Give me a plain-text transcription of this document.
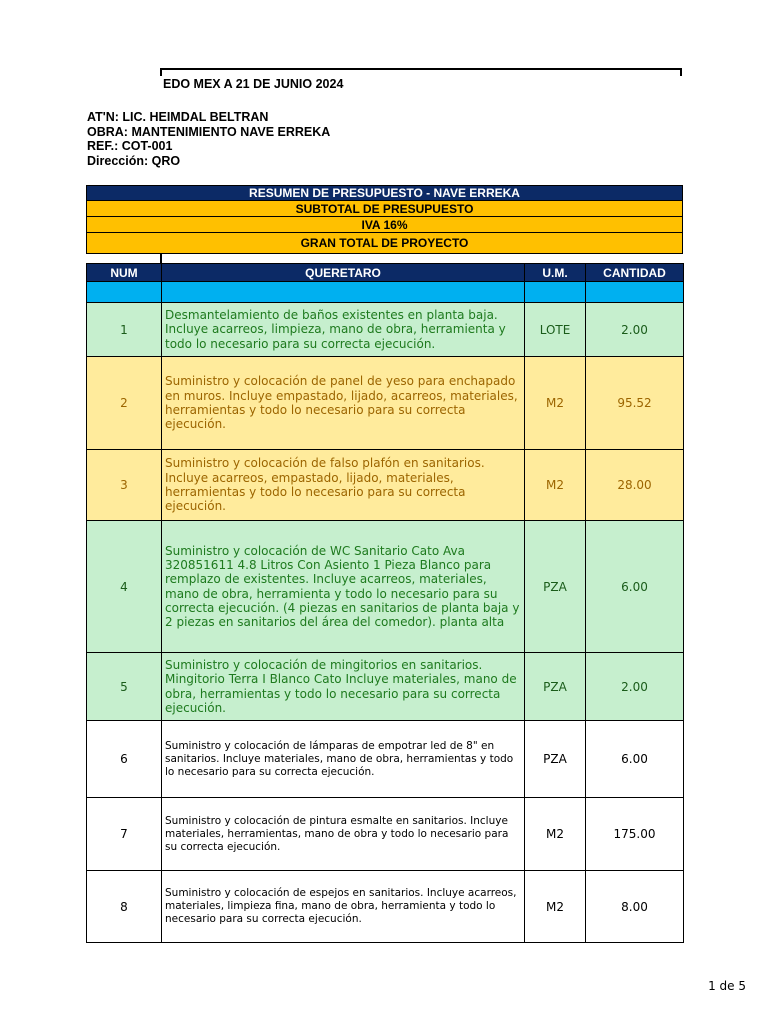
EDO MEX A 21 DE JUNIO 2024
AT'N: LIC. HEIMDAL BELTRAN
OBRA: MANTENIMIENTO NAVE ERREKA
REF.: COT-001
Dirección: QRO
RESUMEN DE PRESUPUESTO - NAVE ERREKA
SUBTOTAL DE PRESUPUESTO
IVA 16%
GRAN TOTAL DE PROYECTO
NUM	QUERETARO	U.M.	CANTIDAD

1	Desmantelamiento de baños existentes en planta baja. Incluye acarreos, limpieza, mano de obra, herramienta y todo lo necesario para su correcta ejecución.	LOTE	2.00
2	Suministro y colocación de panel de yeso para enchapado en muros. Incluye empastado, lijado, acarreos, materiales, herramientas y todo lo necesario para su correcta ejecución.	M2	95.52
3	Suministro y colocación de falso plafón en sanitarios. Incluye acarreos, empastado, lijado, materiales, herramientas y todo lo necesario para su correcta ejecución.	M2	28.00
4	Suministro y colocación de WC Sanitario Cato Ava 320851611 4.8 Litros Con Asiento 1 Pieza Blanco para remplazo de existentes. Incluye acarreos, materiales, mano de obra, herramienta y todo lo necesario para su correcta ejecución. (4 piezas en sanitarios de planta baja y 2 piezas en sanitarios del área del comedor). planta alta	PZA	6.00
5	Suministro y colocación de mingitorios en sanitarios. Mingitorio Terra I Blanco Cato Incluye materiales, mano de obra, herramientas y todo lo necesario para su correcta ejecución.	PZA	2.00
6	Suministro y colocación de lámparas de empotrar led de 8" en sanitarios. Incluye materiales, mano de obra, herramientas y todo lo necesario para su correcta ejecución.	PZA	6.00
7	Suministro y colocación de pintura esmalte en sanitarios. Incluye materiales, herramientas, mano de obra y todo lo necesario para su correcta ejecución.	M2	175.00
8	Suministro y colocación de espejos en sanitarios. Incluye acarreos, materiales, limpieza fina, mano de obra, herramienta y todo lo necesario para su correcta ejecución.	M2	8.00
1 de 5
